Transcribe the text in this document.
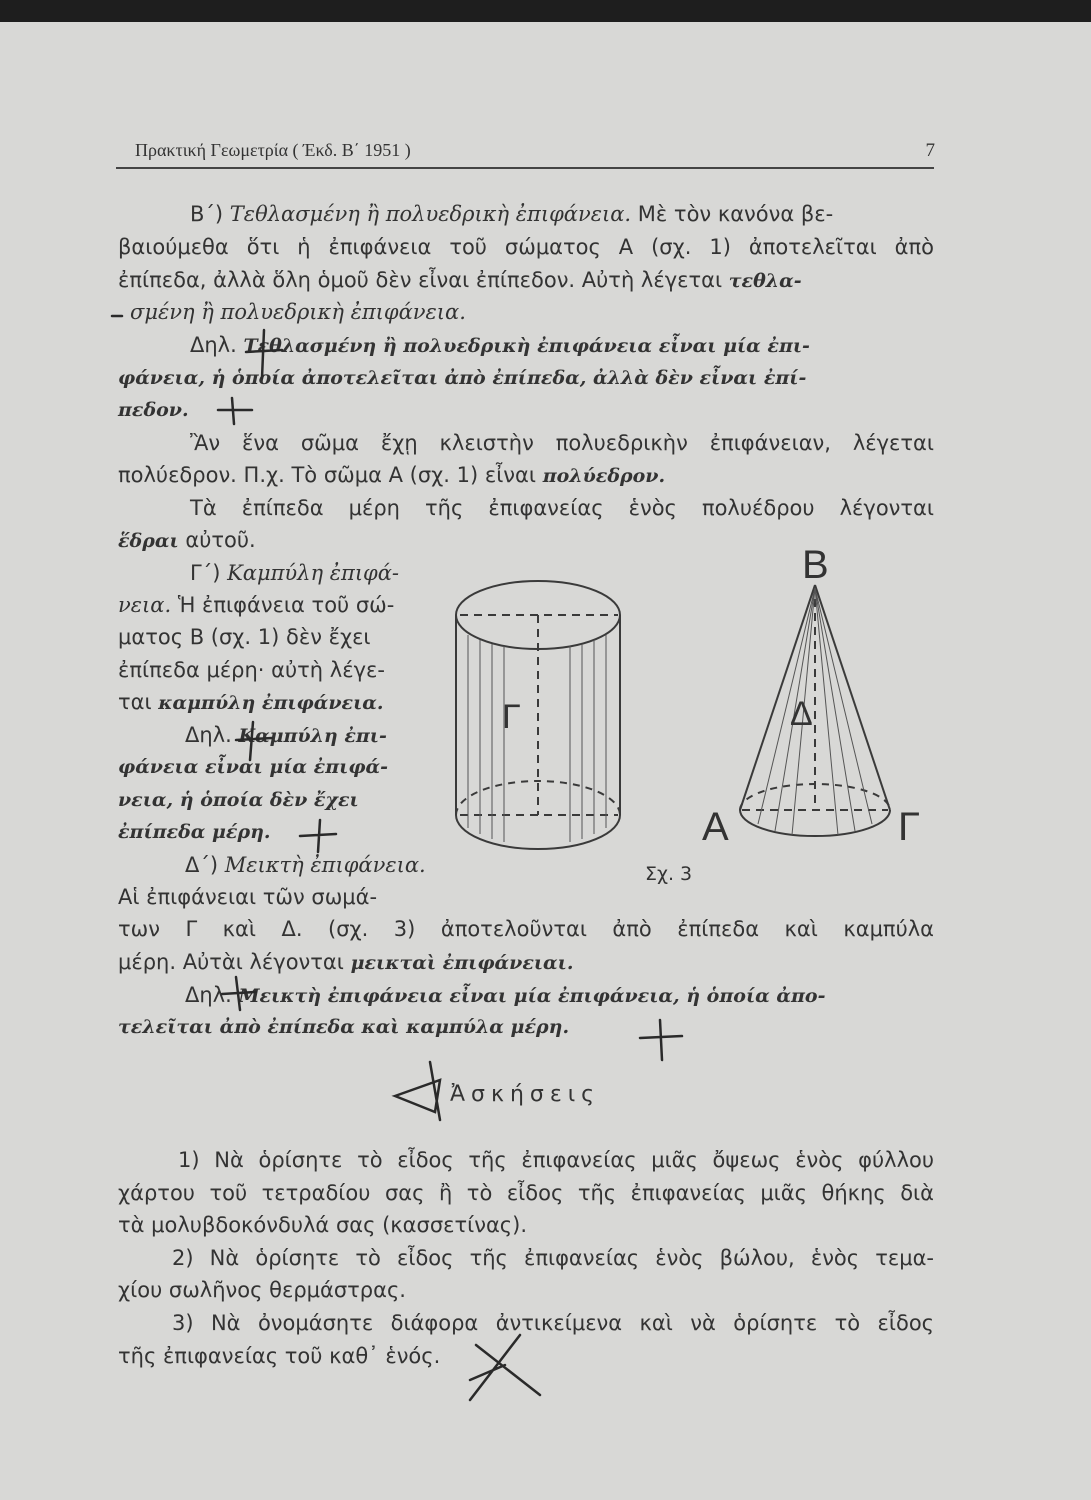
Πρακτική Γεωμετρία ( Έκδ. Β΄ 1951 )	7
Β΄) Τεθλασμένη ἢ πολυεδρικὴ ἐπιφάνεια. Μὲ τὸν κανόνα βε-
βαιούμεθα ὅτι ἡ ἐπιφάνεια τοῦ σώματος Α (σχ. 1) ἀποτελεῖται ἀπὸ
ἐπίπεδα, ἀλλὰ ὅλη ὁμοῦ δὲν εἶναι ἐπίπεδον. Αὐτὴ λέγεται τεθλα-
σμένη ἢ πολυεδρικὴ ἐπιφάνεια.
Δηλ. Τεθλασμένη ἢ πολυεδρικὴ ἐπιφάνεια εἶναι μία ἐπι-
φάνεια, ἡ ὁποία ἀποτελεῖται ἀπὸ ἐπίπεδα, ἀλλὰ δὲν εἶναι ἐπί-
πεδον.
Ἂν ἕνα σῶμα ἔχῃ κλειστὴν πολυεδρικὴν ἐπιφάνειαν, λέγεται
πολύεδρον. Π.χ. Τὸ σῶμα Α (σχ. 1) εἶναι πολύεδρον.
Τὰ ἐπίπεδα μέρη τῆς ἐπιφανείας ἑνὸς πολυέδρου λέγονται
ἕδραι αὐτοῦ.
Γ΄) Καμπύλη ἐπιφά-
νεια. Ἡ ἐπιφάνεια τοῦ σώ-
ματος Β (σχ. 1) δὲν ἔχει
ἐπίπεδα μέρη· αὐτὴ λέγε-
ται καμπύλη ἐπιφάνεια.
Δηλ. Καμπύλη ἐπι-
φάνεια εἶναι μία ἐπιφά-
νεια, ἡ ὁποία δὲν ἔχει
ἐπίπεδα μέρη.
Δ΄) Μεικτὴ ἐπιφάνεια.
Αἱ ἐπιφάνειαι τῶν σωμά-
των Γ καὶ Δ. (σχ. 3) ἀποτελοῦνται ἀπὸ ἐπίπεδα καὶ καμπύλα
μέρη. Αὐτὰι λέγονται μεικταὶ ἐπιφάνειαι.
Δηλ. Μεικτὴ ἐπιφάνεια εἶναι μία ἐπιφάνεια, ἡ ὁποία ἀπο-
τελεῖται ἀπὸ ἐπίπεδα καὶ καμπύλα μέρη.
Γ	Δ
Β
Α	Γ
Σχ. 3
Ἀσκήσεις
1) Νὰ ὁρίσητε τὸ εἶδος τῆς ἐπιφανείας μιᾶς ὄψεως ἑνὸς φύλλου
χάρτου τοῦ τετραδίου σας ἢ τὸ εἶδος τῆς ἐπιφανείας μιᾶς θήκης διὰ
τὰ μολυβδοκόνδυλά σας (κασσετίνας).
2) Νὰ ὁρίσητε τὸ εἶδος τῆς ἐπιφανείας ἑνὸς βώλου, ἑνὸς τεμα-
χίου σωλῆνος θερμάστρας.
3) Νὰ ὀνομάσητε διάφορα ἀντικείμενα καὶ νὰ ὁρίσητε τὸ εἶδος
τῆς ἐπιφανείας τοῦ καθ᾿ ἑνός.
